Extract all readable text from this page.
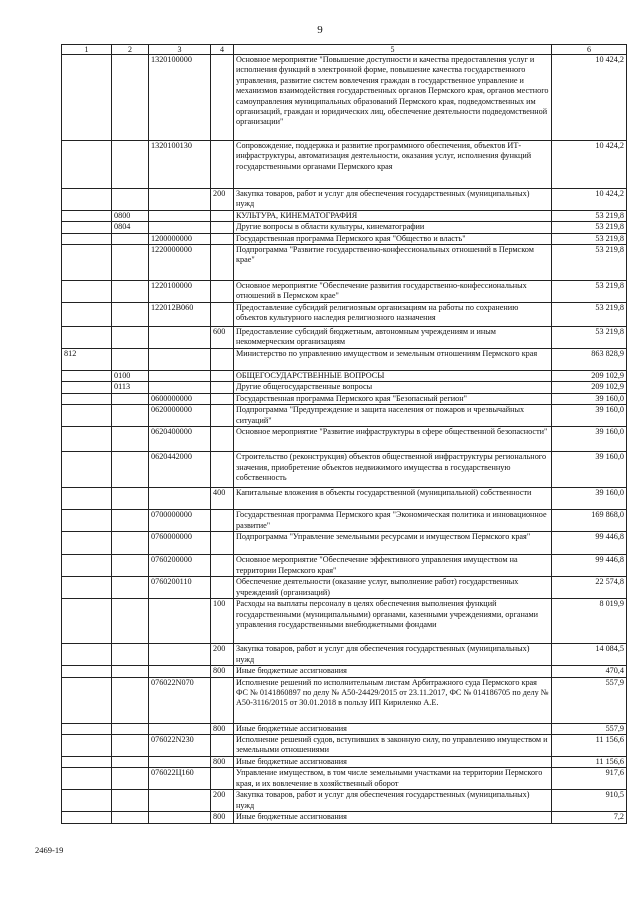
9
1	2	3	4	5	6
		1320100000		Основное мероприятие "Повышение доступности и качества предоставления услуг и исполнения функций в электронной форме, повышение качества государственного управления, развитие систем вовлечения граждан в государственное управление и механизмов взаимодействия государственных органов Пермского края, органов местного самоуправления муниципальных образований Пермского края, подведомственных им организаций, граждан и юридических лиц, обеспечение деятельности подведомственной организации"	10 424,2
		1320100130		Сопровождение, поддержка и развитие программного обеспечения, объектов ИТ-инфраструктуры, автоматизация деятельности, оказания услуг, исполнения функций государственными органами Пермского края	10 424,2
			200	Закупка товаров, работ и услуг для обеспечения государственных (муниципальных) нужд	10 424,2
	0800			КУЛЬТУРА, КИНЕМАТОГРАФИЯ	53 219,8
	0804			Другие вопросы в области культуры, кинематографии	53 219,8
		1200000000		Государственная программа Пермского края "Общество и власть"	53 219,8
		1220000000		Подпрограмма "Развитие государственно-конфессиональных отношений в Пермском крае"	53 219,8
		1220100000		Основное мероприятие "Обеспечение развития государственно-конфессиональных отношений в Пермском крае"	53 219,8
		122012В060		Предоставление субсидий религиозным организациям на работы по сохранению объектов культурного наследия религиозного назначения	53 219,8
			600	Предоставление субсидий бюджетным, автономным учреждениям и иным некоммерческим организациям	53 219,8
812				Министерство по управлению имуществом и земельным отношениям Пермского края	863 828,9
	0100			ОБЩЕГОСУДАРСТВЕННЫЕ ВОПРОСЫ	209 102,9
	0113			Другие общегосударственные вопросы	209 102,9
		0600000000		Государственная программа Пермского края "Безопасный регион"	39 160,0
		0620000000		Подпрограмма "Предупреждение и защита населения от пожаров и чрезвычайных ситуаций"	39 160,0
		0620400000		Основное мероприятие "Развитие инфраструктуры в сфере общественной безопасности"	39 160,0
		0620442000		Строительство (реконструкция) объектов общественной инфраструктуры регионального значения, приобретение объектов недвижимого имущества в государственную собственность	39 160,0
			400	Капитальные вложения в объекты государственной (муниципальной) собственности	39 160,0
		0700000000		Государственная программа Пермского края "Экономическая политика и инновационное развитие"	169 868,0
		0760000000		Подпрограмма "Управление земельными ресурсами и имуществом Пермского края"	99 446,8
		0760200000		Основное мероприятие "Обеспечение эффективного управления имуществом на территории Пермского края"	99 446,8
		0760200110		Обеспечение деятельности (оказание услуг, выполнение работ) государственных учреждений (организаций)	22 574,8
			100	Расходы на выплаты персоналу в целях обеспечения выполнения функций государственными (муниципальными) органами, казенными учреждениями, органами управления государственными внебюджетными фондами	8 019,9
			200	Закупка товаров, работ и услуг для обеспечения государственных (муниципальных) нужд	14 084,5
			800	Иные бюджетные ассигнования	470,4
		076022N070		Исполнение решений по исполнительным листам Арбитражного суда Пермского края ФС № 0141860897 по делу № А50-24429/2015 от 23.11.2017, ФС № 014186705 по делу № А50-3116/2015 от 30.01.2018 в пользу ИП Кириленко А.Е.	557,9
			800	Иные бюджетные ассигнования	557,9
		076022N230		Исполнение решений судов, вступивших в законную силу, по управлению имуществом и земельными отношениями	11 156,6
			800	Иные бюджетные ассигнования	11 156,6
		076022Ц160		Управление имуществом, в том числе земельными участками на территории Пермского края, и их вовлечение в хозяйственный оборот	917,6
			200	Закупка товаров, работ и услуг для обеспечения государственных (муниципальных) нужд	910,5
			800	Иные бюджетные ассигнования	7,2
2469-19
